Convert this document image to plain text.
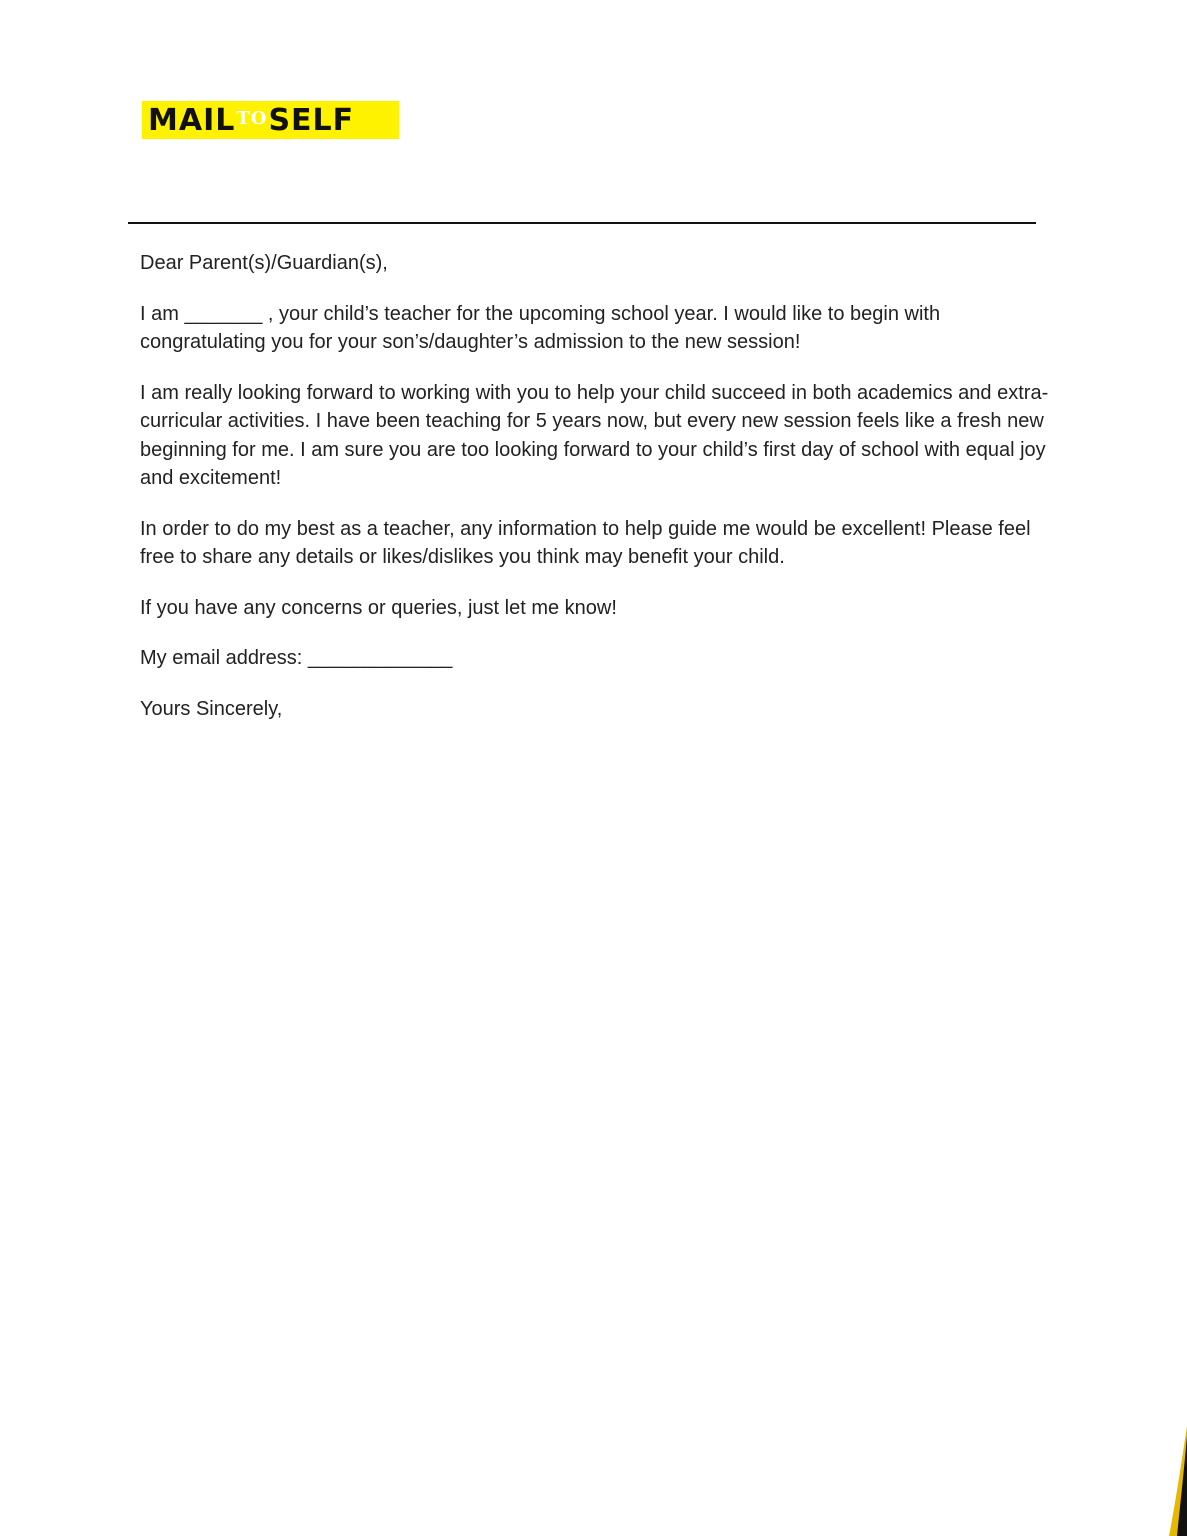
MAIL TO SELF

Dear Parent(s)/Guardian(s),

I am _______ , your child’s teacher for the upcoming school year. I would like to begin with congratulating you for your son’s/daughter’s admission to the new session!

I am really looking forward to working with you to help your child succeed in both academics and extra-curricular activities. I have been teaching for 5 years now, but every new session feels like a fresh new beginning for me. I am sure you are too looking forward to your child’s first day of school with equal joy and excitement!

In order to do my best as a teacher, any information to help guide me would be excellent! Please feel free to share any details or likes/dislikes you think may benefit your child.

If you have any concerns or queries, just let me know!

My email address: _____________

Yours Sincerely,
